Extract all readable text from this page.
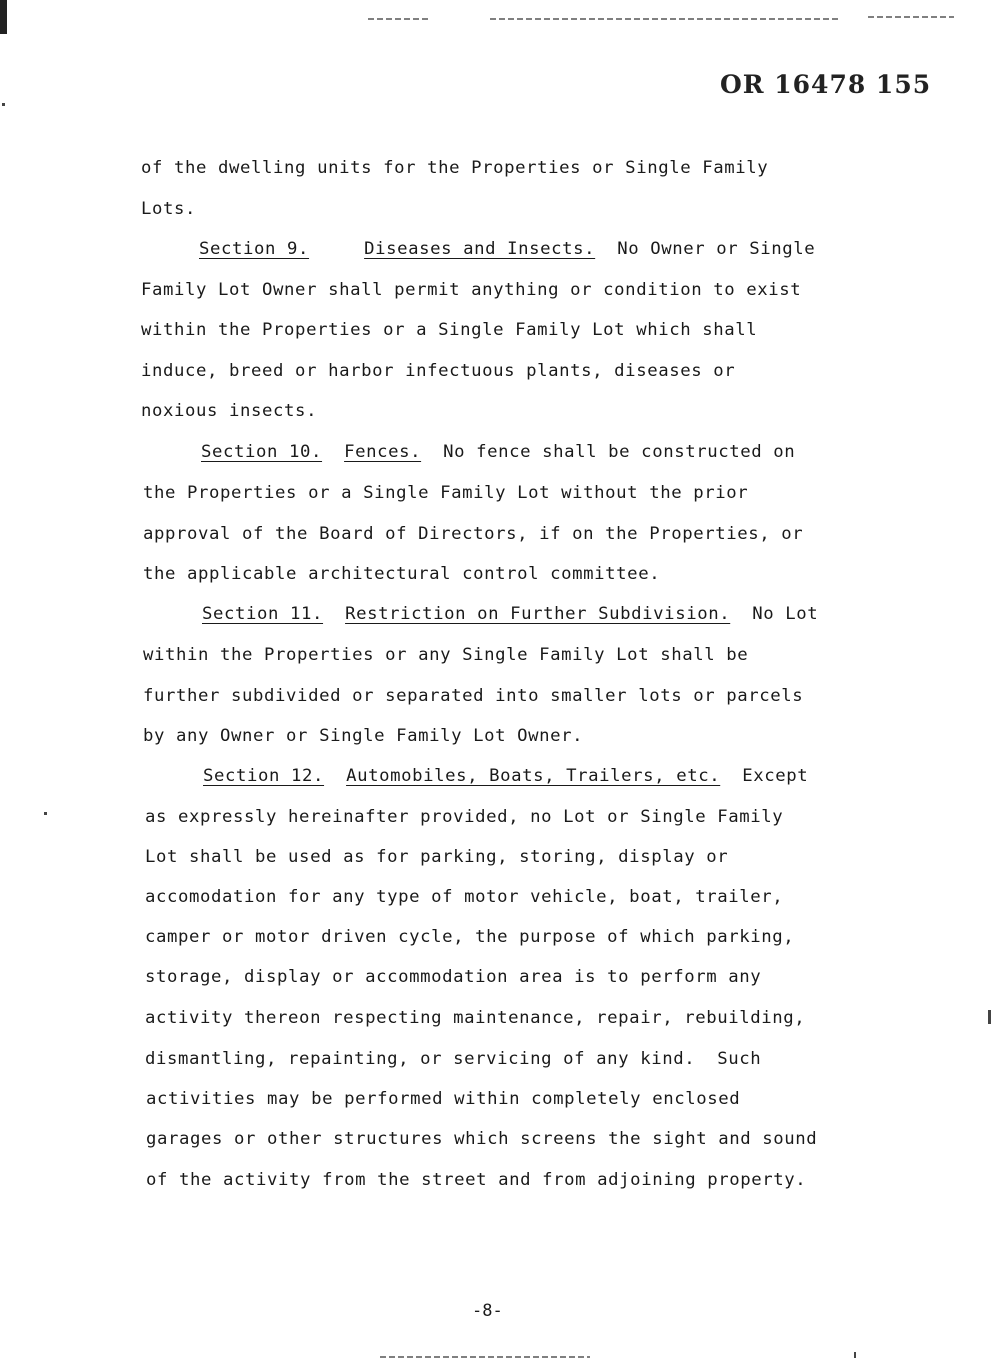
OR 16478 155
of the dwelling units for the Properties or Single Family
Lots.
Section 9.	Diseases and Insects. No Owner or Single
Family Lot Owner shall permit anything or condition to exist
within the Properties or a Single Family Lot which shall
induce, breed or harbor infectuous plants, diseases or
noxious insects.
Section 10. Fences. No fence shall be constructed on
the Properties or a Single Family Lot without the prior
approval of the Board of Directors, if on the Properties, or
the applicable architectural control committee.
Section 11. Restriction on Further Subdivision. No Lot
within the Properties or any Single Family Lot shall be
further subdivided or separated into smaller lots or parcels
by any Owner or Single Family Lot Owner.
Section 12. Automobiles, Boats, Trailers, etc. Except
as expressly hereinafter provided, no Lot or Single Family
Lot shall be used as for parking, storing, display or
accomodation for any type of motor vehicle, boat, trailer,
camper or motor driven cycle, the purpose of which parking,
storage, display or accommodation area is to perform any
activity thereon respecting maintenance, repair, rebuilding,
dismantling, repainting, or servicing of any kind.  Such
activities may be performed within completely enclosed
garages or other structures which screens the sight and sound
of the activity from the street and from adjoining property.
-8-
